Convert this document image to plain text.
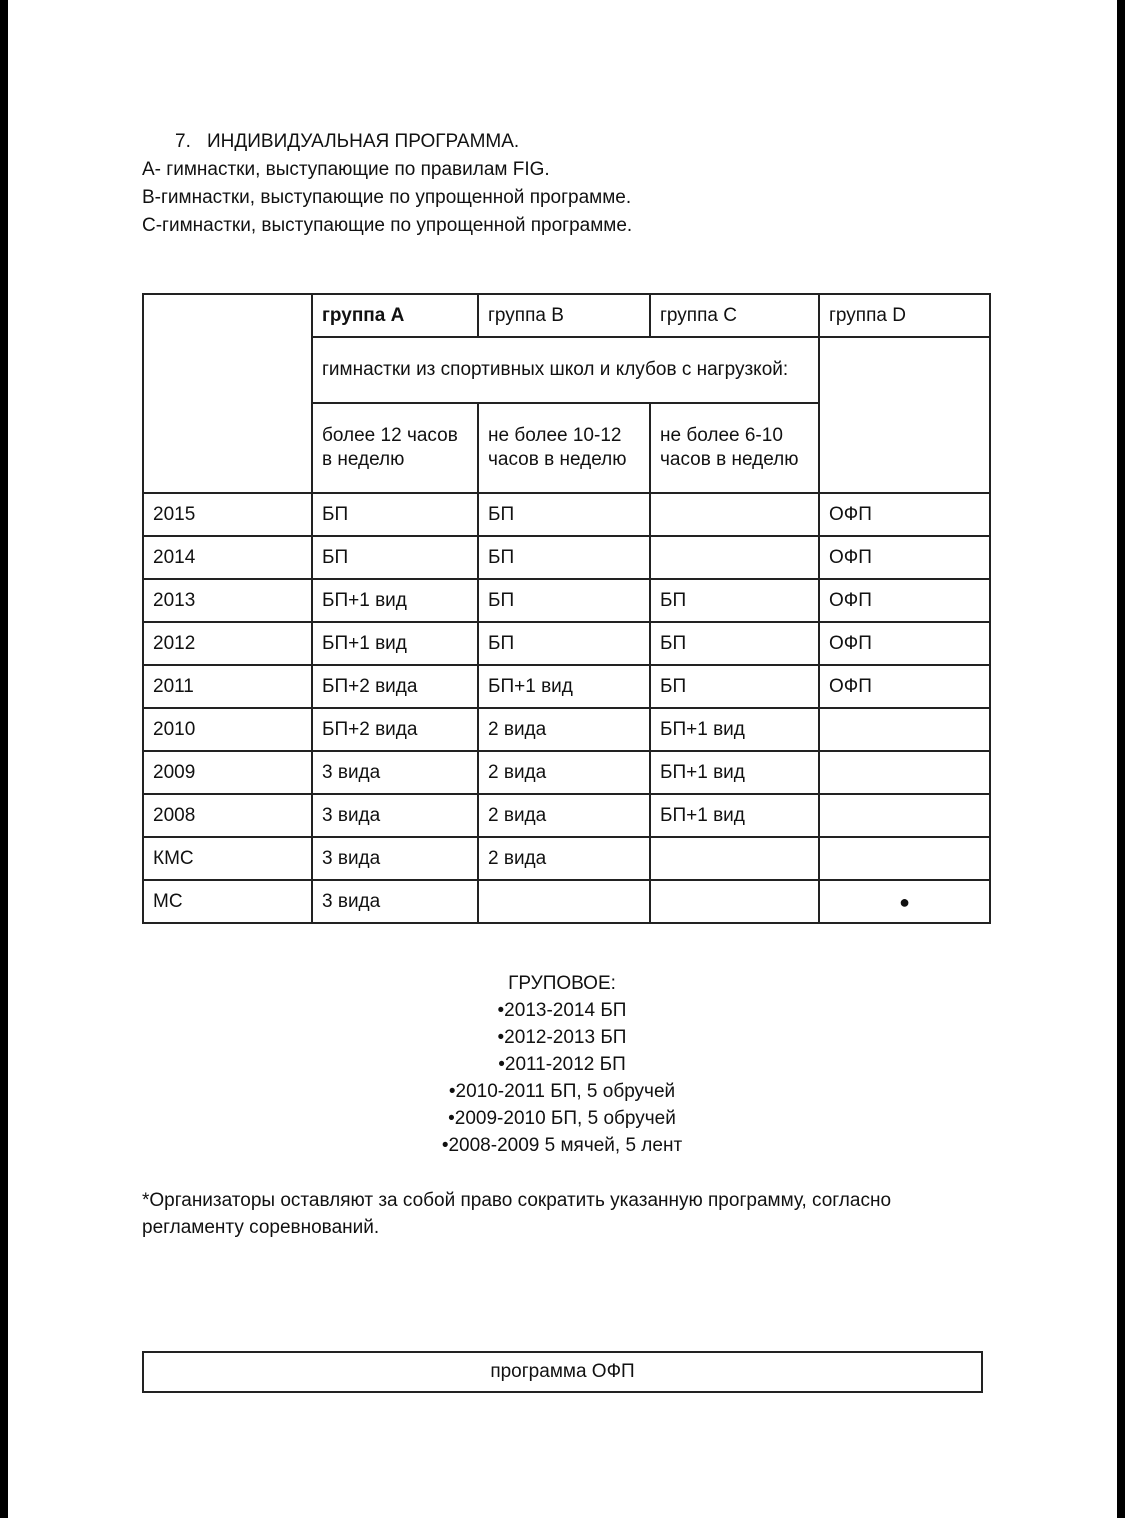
7. ИНДИВИДУАЛЬНАЯ ПРОГРАММА.
А- гимнастки, выступающие по правилам FIG.
В-гимнастки, выступающие по упрощенной программе.
С-гимнастки, выступающие по упрощенной программе.
	группа А	группа В	группа С	группа D
	гимнастки из спортивных школ и клубов с нагрузкой:			
	более 12 часов в неделю	не более 10-12 часов в неделю	не более 6-10 часов в неделю	
2015	БП	БП		ОФП
2014	БП	БП		ОФП
2013	БП+1 вид	БП	БП	ОФП
2012	БП+1 вид	БП	БП	ОФП
2011	БП+2 вида	БП+1 вид	БП	ОФП
2010	БП+2 вида	2 вида	БП+1 вид	
2009	3 вида	2 вида	БП+1 вид	
2008	3 вида	2 вида	БП+1 вид	
КМС	3 вида	2 вида		
МС	3 вида			●
ГРУПОВОЕ:
•2013-2014 БП
•2012-2013 БП
•2011-2012 БП
•2010-2011 БП, 5 обручей
•2009-2010 БП, 5 обручей
•2008-2009 5 мячей, 5 лент
*Организаторы оставляют за собой право сократить указанную программу, согласно регламенту соревнований.
программа ОФП
